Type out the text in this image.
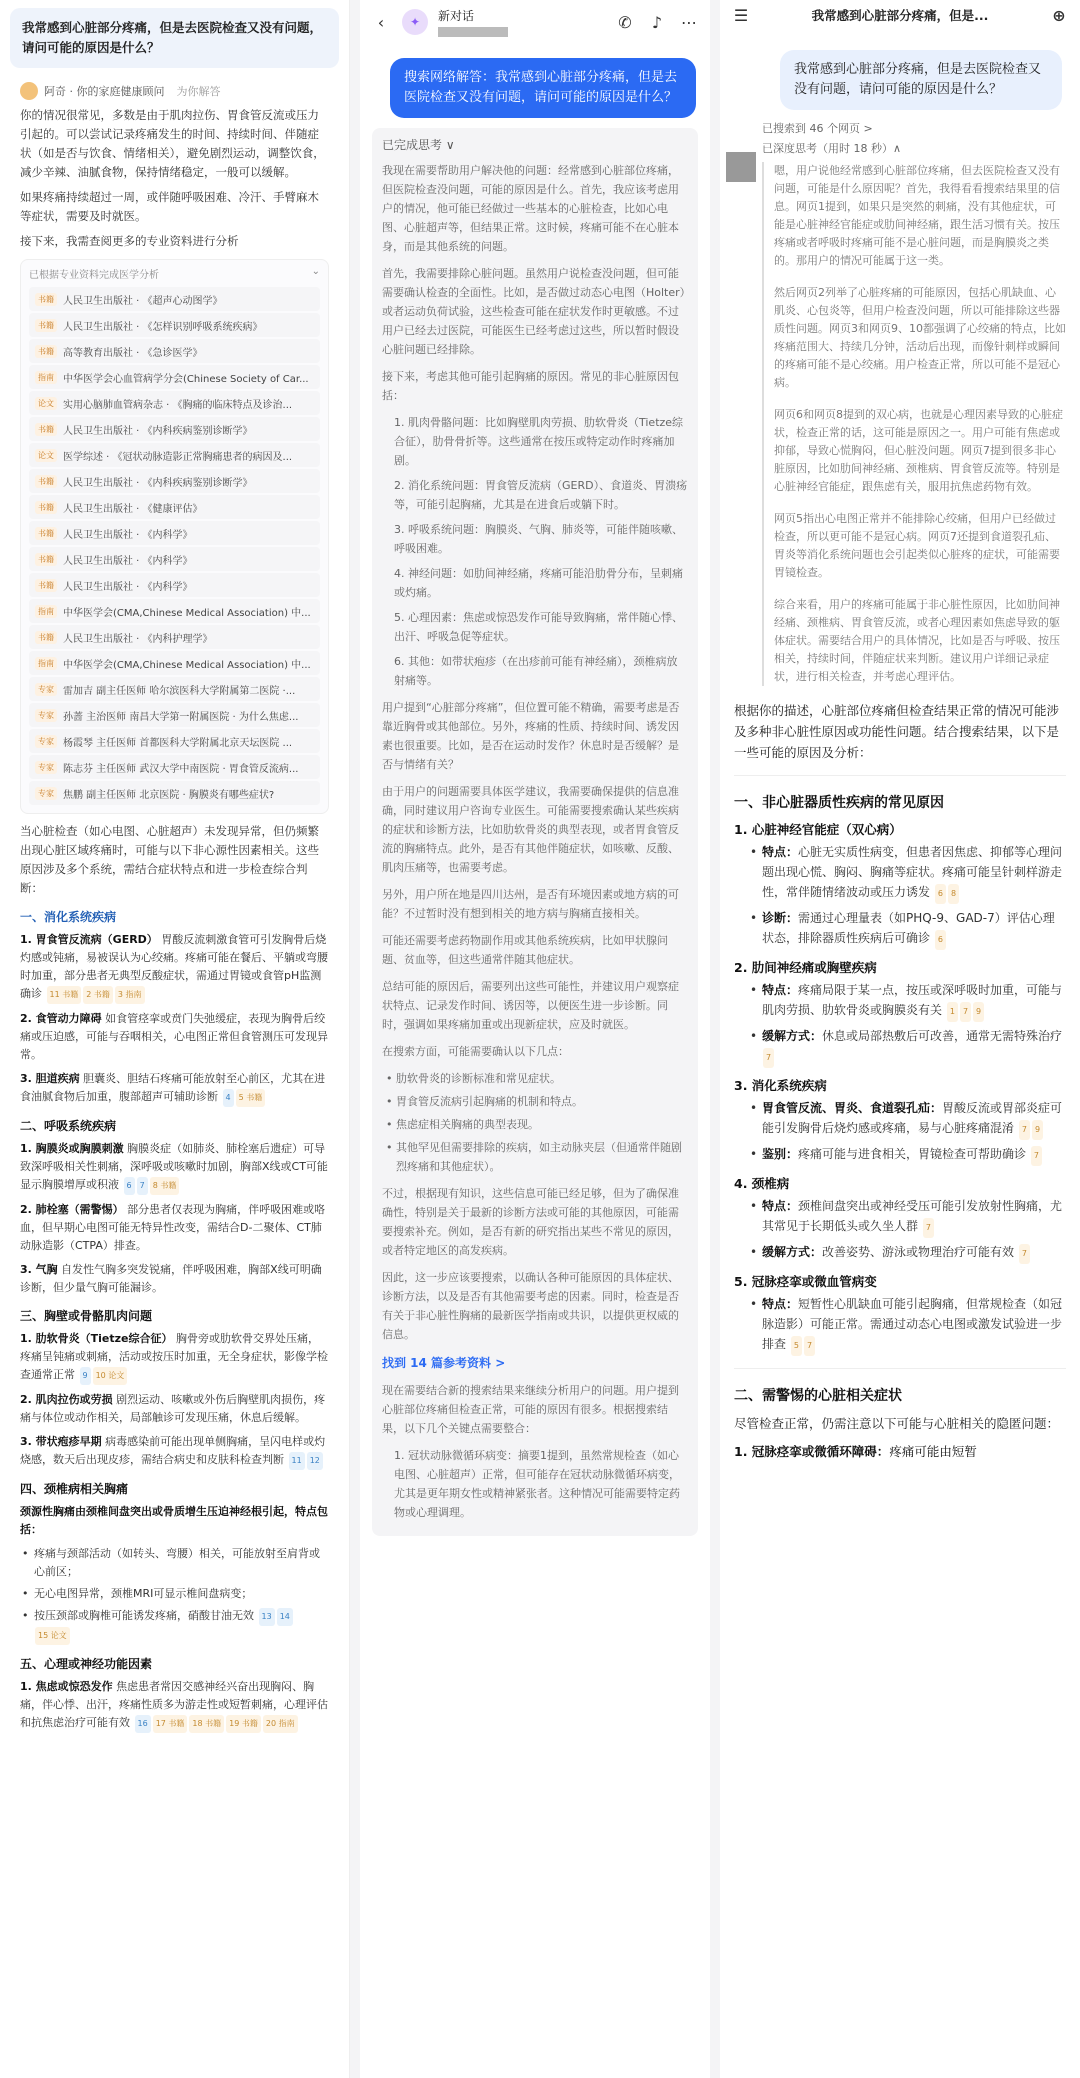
我常感到心脏部分疼痛，但是去医院检查又没有问题，请问可能的原因是什么？
阿奇 · 你的家庭健康顾问 为你解答
你的情况很常见，多数是由于肌肉拉伤、胃食管反流或压力引起的。可以尝试记录疼痛发生的时间、持续时间、伴随症状（如是否与饮食、情绪相关），避免剧烈运动，调整饮食，减少辛辣、油腻食物，保持情绪稳定，一般可以缓解。
如果疼痛持续超过一周，或伴随呼吸困难、冷汗、手臂麻木等症状，需要及时就医。
接下来，我需查阅更多的专业资料进行分析
已根据专业资料完成医学分析	⌄
书籍 人民卫生出版社 · 《超声心动图学》
书籍 人民卫生出版社 · 《怎样识别呼吸系统疾病》
书籍 高等教育出版社 · 《急诊医学》
指南 中华医学会心血管病学分会(Chinese Society of Car...
论文 实用心脑肺血管病杂志 · 《胸痛的临床特点及诊治...
书籍 人民卫生出版社 · 《内科疾病鉴别诊断学》
论文 医学综述 · 《冠状动脉造影正常胸痛患者的病因及...
书籍 人民卫生出版社 · 《内科疾病鉴别诊断学》
书籍 人民卫生出版社 · 《健康评估》
书籍 人民卫生出版社 · 《内科学》
书籍 人民卫生出版社 · 《内科学》
书籍 人民卫生出版社 · 《内科学》
指南 中华医学会(CMA,Chinese Medical Association) 中...
书籍 人民卫生出版社 · 《内科护理学》
指南 中华医学会(CMA,Chinese Medical Association) 中...
专家 雷加吉 副主任医师 哈尔滨医科大学附属第二医院 ·...
专家 孙蔷 主治医师 南昌大学第一附属医院 · 为什么焦虑...
专家 杨霞琴 主任医师 首都医科大学附属北京天坛医院 ...
专家 陈志芬 主任医师 武汉大学中南医院 · 胃食管反流病...
专家 焦鹏 副主任医师 北京医院 · 胸膜炎有哪些症状?
当心脏检查（如心电图、心脏超声）未发现异常，但仍频繁出现心脏区域疼痛时，可能与以下非心源性因素相关。这些原因涉及多个系统，需结合症状特点和进一步检查综合判断：
一、消化系统疾病
1. 胃食管反流病（GERD） 胃酸反流刺激食管可引发胸骨后烧灼感或钝痛，易被误认为心绞痛。疼痛可能在餐后、平躺或弯腰时加重，部分患者无典型反酸症状，需通过胃镜或食管pH监测确诊 11 书籍 2 书籍 3 指南
2. 食管动力障碍 如食管痉挛或贲门失弛缓症，表现为胸骨后绞痛或压迫感，可能与吞咽相关，心电图正常但食管测压可发现异常。
3. 胆道疾病 胆囊炎、胆结石疼痛可能放射至心前区，尤其在进食油腻食物后加重，腹部超声可辅助诊断 4 5 书籍
二、呼吸系统疾病
1. 胸膜炎或胸膜刺激 胸膜炎症（如肺炎、肺栓塞后遗症）可导致深呼吸相关性刺痛，深呼吸或咳嗽时加剧，胸部X线或CT可能显示胸膜增厚或积液 6 7 8 书籍
2. 肺栓塞（需警惕） 部分患者仅表现为胸痛，伴呼吸困难或咯血，但早期心电图可能无特异性改变，需结合D-二聚体、CT肺动脉造影（CTPA）排查。
3. 气胸 自发性气胸多突发锐痛，伴呼吸困难，胸部X线可明确诊断，但少量气胸可能漏诊。
三、胸壁或骨骼肌肉问题
1. 肋软骨炎（Tietze综合征） 胸骨旁或肋软骨交界处压痛，疼痛呈钝痛或刺痛，活动或按压时加重，无全身症状，影像学检查通常正常 9 10 论文
2. 肌肉拉伤或劳损 剧烈运动、咳嗽或外伤后胸壁肌肉损伤，疼痛与体位或动作相关，局部触诊可发现压痛，休息后缓解。
3. 带状疱疹早期 病毒感染前可能出现单侧胸痛，呈闪电样或灼烧感，数天后出现皮疹，需结合病史和皮肤科检查判断 11 12
四、颈椎病相关胸痛
颈源性胸痛由颈椎间盘突出或骨质增生压迫神经根引起，特点包括：
• 疼痛与颈部活动（如转头、弯腰）相关，可能放射至肩背或心前区；
• 无心电图异常，颈椎MRI可显示椎间盘病变；
• 按压颈部或胸椎可能诱发疼痛，硝酸甘油无效 13 1415 论文
五、心理或神经功能因素
1. 焦虑或惊恐发作 焦虑患者常因交感神经兴奋出现胸闷、胸痛，伴心悸、出汗，疼痛性质多为游走性或短暂刺痛，心理评估和抗焦虑治疗可能有效 16 17 书籍 18 书籍 19 书籍 20 指南
‹	✦	新对话	✆	♪	⋯
搜索网络解答：我常感到心脏部分疼痛，但是去医院检查又没有问题，请问可能的原因是什么？
已完成思考 ∨
我现在需要帮助用户解决他的问题：经常感到心脏部位疼痛，但医院检查没问题，可能的原因是什么。首先，我应该考虑用户的情况，他可能已经做过一些基本的心脏检查，比如心电图、心脏超声等，但结果正常。这时候，疼痛可能不在心脏本身，而是其他系统的问题。
首先，我需要排除心脏问题。虽然用户说检查没问题，但可能需要确认检查的全面性。比如，是否做过动态心电图（Holter）或者运动负荷试验，这些检查可能在症状发作时更敏感。不过用户已经去过医院，可能医生已经考虑过这些，所以暂时假设心脏问题已经排除。
接下来，考虑其他可能引起胸痛的原因。常见的非心脏原因包括：
1. 肌肉骨骼问题：比如胸壁肌肉劳损、肋软骨炎（Tietze综合征），肋骨骨折等。这些通常在按压或特定动作时疼痛加剧。
2. 消化系统问题：胃食管反流病（GERD）、食道炎、胃溃疡等，可能引起胸痛，尤其是在进食后或躺下时。
3. 呼吸系统问题：胸膜炎、气胸、肺炎等，可能伴随咳嗽、呼吸困难。
4. 神经问题：如肋间神经痛，疼痛可能沿肋骨分布，呈刺痛或灼痛。
5. 心理因素：焦虑或惊恐发作可能导致胸痛，常伴随心悸、出汗、呼吸急促等症状。
6. 其他：如带状疱疹（在出疹前可能有神经痛），颈椎病放射痛等。
用户提到“心脏部分疼痛”，但位置可能不精确，需要考虑是否靠近胸骨或其他部位。另外，疼痛的性质、持续时间、诱发因素也很重要。比如，是否在运动时发作？休息时是否缓解？是否与情绪有关？
由于用户的问题需要具体医学建议，我需要确保提供的信息准确，同时建议用户咨询专业医生。可能需要搜索确认某些疾病的症状和诊断方法，比如肋软骨炎的典型表现，或者胃食管反流的胸痛特点。此外，是否有其他伴随症状，如咳嗽、反酸、肌肉压痛等，也需要考虑。
另外，用户所在地是四川达州，是否有环境因素或地方病的可能？不过暂时没有想到相关的地方病与胸痛直接相关。
可能还需要考虑药物副作用或其他系统疾病，比如甲状腺问题、贫血等，但这些通常伴随其他症状。
总结可能的原因后，需要列出这些可能性，并建议用户观察症状特点、记录发作时间、诱因等，以便医生进一步诊断。同时，强调如果疼痛加重或出现新症状，应及时就医。
在搜索方面，可能需要确认以下几点：
• 肋软骨炎的诊断标准和常见症状。
• 胃食管反流病引起胸痛的机制和特点。
• 焦虑症相关胸痛的典型表现。
• 其他罕见但需要排除的疾病，如主动脉夹层（但通常伴随剧烈疼痛和其他症状）。
不过，根据现有知识，这些信息可能已经足够，但为了确保准确性，特别是关于最新的诊断方法或可能的其他原因，可能需要搜索补充。例如，是否有新的研究指出某些不常见的原因，或者特定地区的高发疾病。
因此，这一步应该要搜索，以确认各种可能原因的具体症状、诊断方法，以及是否有其他需要考虑的因素。同时，检查是否有关于非心脏性胸痛的最新医学指南或共识，以提供更权威的信息。
找到 14 篇参考资料 >
现在需要结合新的搜索结果来继续分析用户的问题。用户提到心脏部位疼痛但检查正常，可能的原因有很多。根据搜索结果，以下几个关键点需要整合：
1. 冠状动脉微循环病变：摘要1提到，虽然常规检查（如心电图、心脏超声）正常，但可能存在冠状动脉微循环病变，尤其是更年期女性或精神紧张者。这种情况可能需要特定药物或心理调理。
☰	我常感到心脏部分疼痛，但是...	⊕
我常感到心脏部分疼痛，但是去医院检查又没有问题，请问可能的原因是什么？
已搜索到 46 个网页 >
已深度思考（用时 18 秒）∧
嗯，用户说他经常感到心脏部位疼痛，但去医院检查又没有问题，可能是什么原因呢？首先，我得看看搜索结果里的信息。网页1提到，如果只是突然的刺痛，没有其他症状，可能是心脏神经官能症或肋间神经痛，跟生活习惯有关。按压疼痛或者呼吸时疼痛可能不是心脏问题，而是胸膜炎之类的。那用户的情况可能属于这一类。
然后网页2列举了心脏疼痛的可能原因，包括心肌缺血、心肌炎、心包炎等，但用户检查没问题，所以可能排除这些器质性问题。网页3和网页9、10都强调了心绞痛的特点，比如疼痛范围大、持续几分钟，活动后出现，而像针刺样或瞬间的疼痛可能不是心绞痛。用户检查正常，所以可能不是冠心病。
网页6和网页8提到的双心病，也就是心理因素导致的心脏症状，检查正常的话，这可能是原因之一。用户可能有焦虑或抑郁，导致心慌胸闷，但心脏没问题。网页7提到很多非心脏原因，比如肋间神经痛、颈椎病、胃食管反流等。特别是心脏神经官能症，跟焦虑有关，服用抗焦虑药物有效。
网页5指出心电图正常并不能排除心绞痛，但用户已经做过检查，所以更可能不是冠心病。网页7还提到食道裂孔疝、胃炎等消化系统问题也会引起类似心脏疼的症状，可能需要胃镜检查。
综合来看，用户的疼痛可能属于非心脏性原因，比如肋间神经痛、颈椎病、胃食管反流，或者心理因素如焦虑导致的躯体症状。需要结合用户的具体情况，比如是否与呼吸、按压相关，持续时间，伴随症状来判断。建议用户详细记录症状，进行相关检查，并考虑心理评估。
根据你的描述，心脏部位疼痛但检查结果正常的情况可能涉及多种非心脏性原因或功能性问题。结合搜索结果，以下是一些可能的原因及分析：
一、非心脏器质性疾病的常见原因
1. 心脏神经官能症（双心病）
• 特点：心脏无实质性病变，但患者因焦虑、抑郁等心理问题出现心慌、胸闷、胸痛等症状。疼痛可能呈针刺样游走性，常伴随情绪波动或压力诱发 6 8
• 诊断：需通过心理量表（如PHQ-9、GAD-7）评估心理状态，排除器质性疾病后可确诊 6
2. 肋间神经痛或胸壁疾病
• 特点：疼痛局限于某一点，按压或深呼吸时加重，可能与肌肉劳损、肋软骨炎或胸膜炎有关 1 7 9
• 缓解方式：休息或局部热敷后可改善，通常无需特殊治疗 7
3. 消化系统疾病
• 胃食管反流、胃炎、食道裂孔疝：胃酸反流或胃部炎症可能引发胸骨后烧灼感或疼痛，易与心脏疼痛混淆 7 9
• 鉴别：疼痛可能与进食相关，胃镜检查可帮助确诊 7
4. 颈椎病
• 特点：颈椎间盘突出或神经受压可能引发放射性胸痛，尤其常见于长期低头或久坐人群 7
• 缓解方式：改善姿势、游泳或物理治疗可能有效 7
5. 冠脉痉挛或微血管病变
• 特点：短暂性心肌缺血可能引起胸痛，但常规检查（如冠脉造影）可能正常。需通过动态心电图或激发试验进一步排查 5 7
二、需警惕的心脏相关症状
尽管检查正常，仍需注意以下可能与心脏相关的隐匿问题：
1. 冠脉痉挛或微循环障碍：疼痛可能由短暂
